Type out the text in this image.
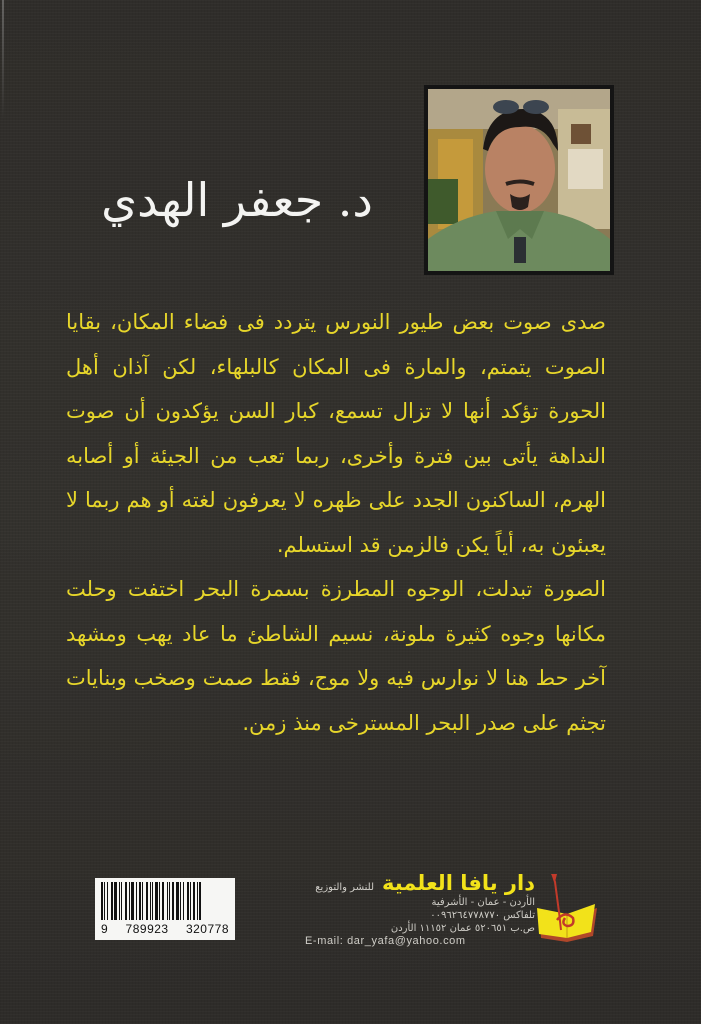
د. جعفر الهدي

صدى صوت بعض طيور النورس يتردد فى فضاء المكان، بقايا الصوت يتمتم، والمارة فى المكان كالبلهاء، لكن آذان أهل الحورة تؤكد أنها لا تزال تسمع، كبار السن يؤكدون أن صوت النداهة يأتى بين فترة وأخرى، ربما تعب من الجيئة أو أصابه الهرم، الساكنون الجدد على ظهره لا يعرفون لغته أو هم ربما لا يعبئون به، أياً يكن فالزمن قد استسلم.

الصورة تبدلت، الوجوه المطرزة بسمرة البحر اختفت وحلت مكانها وجوه كثيرة ملونة، نسيم الشاطئ ما عاد يهب ومشهد آخر حط هنا لا نوارس فيه ولا موج، فقط صمت وصخب وبنايات تجثم على صدر البحر المسترخى منذ زمن.

9 789923 320778
دار يافا العلمية
للنشر والتوزيع
الأردن - عمان - الأشرفية
تلفاكس ٠٠٩٦٢٦٤٧٧٨٧٧٠
ص.ب ٥٢٠٦٥١ عمان ١١١٥٢ الأردن
E-mail: dar_yafa@yahoo.com
